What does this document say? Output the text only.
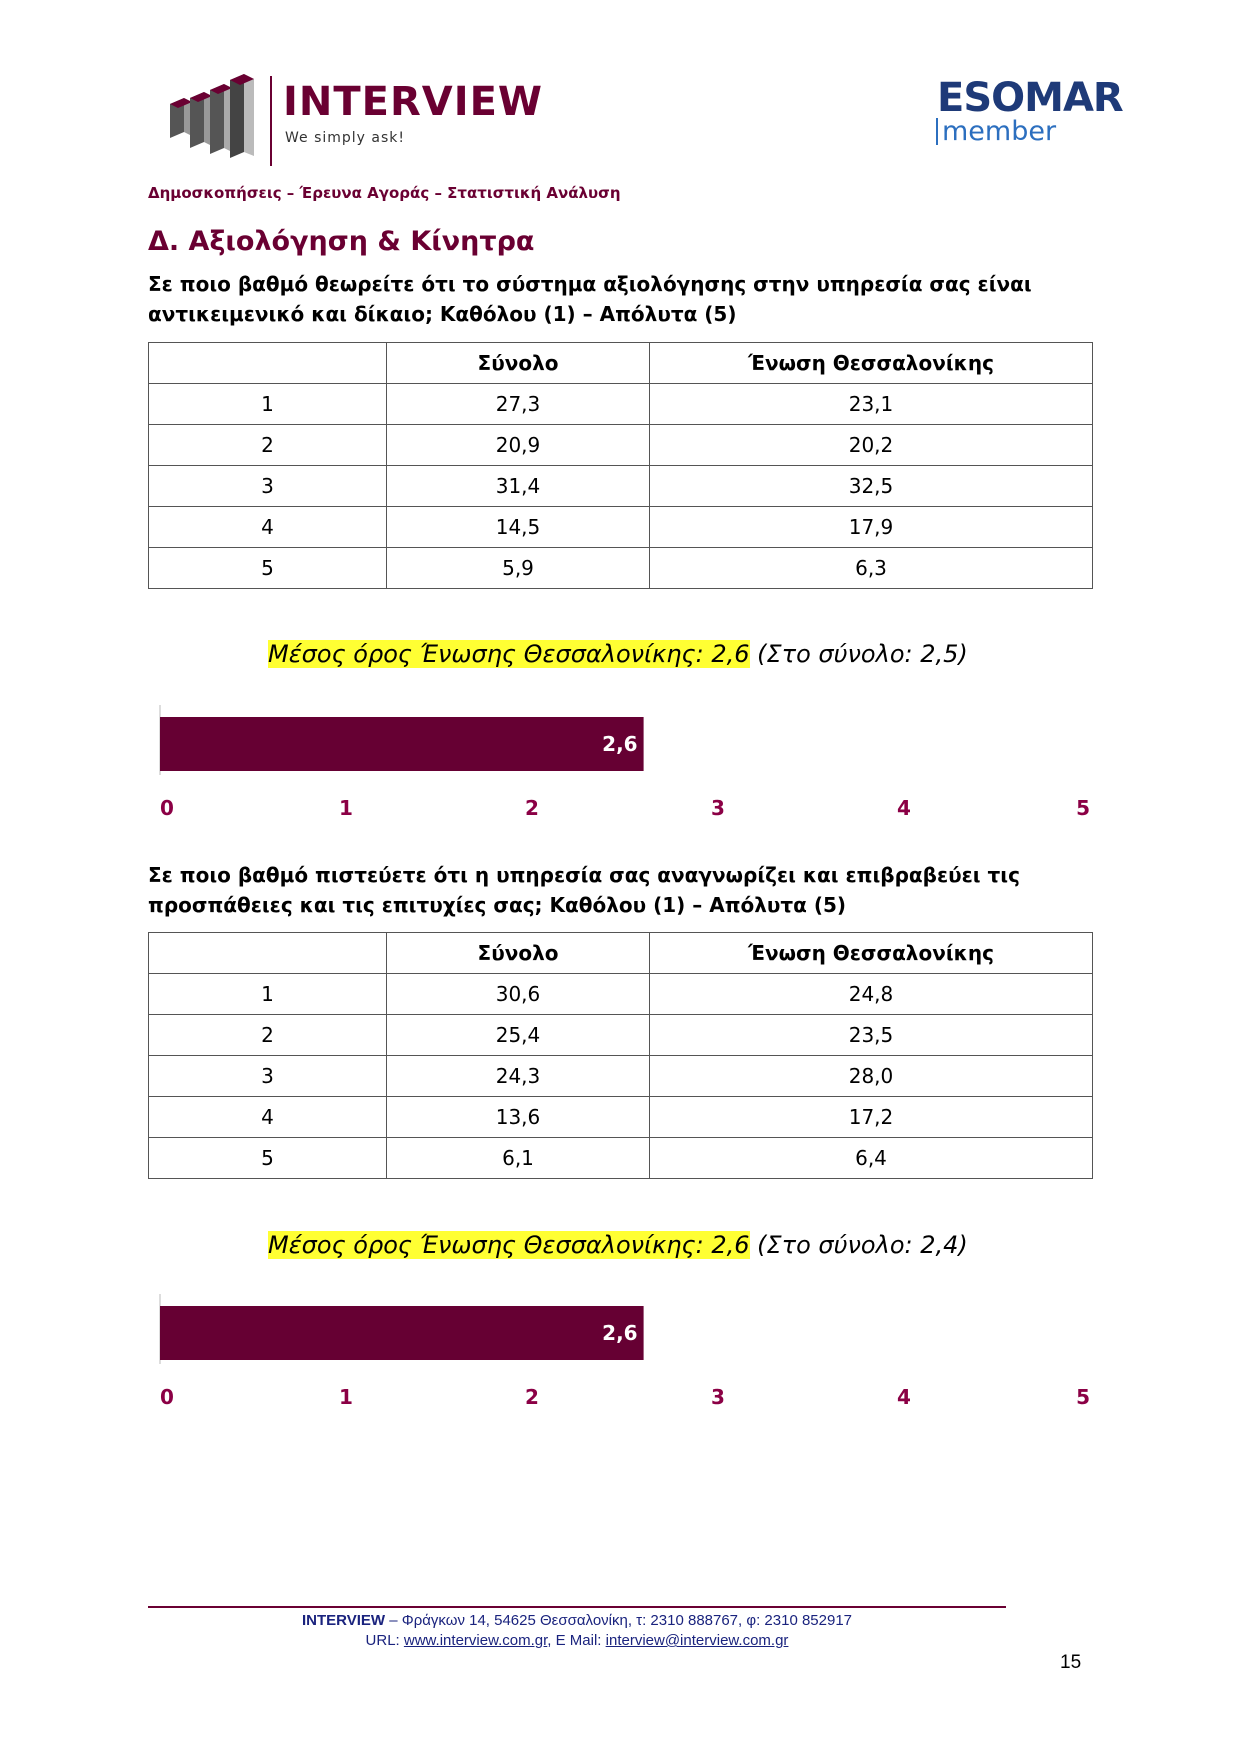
INTERVIEW
We simply ask!
ESOMAR
member
Δημοσκοπήσεις – Έρευνα Αγοράς – Στατιστική Ανάλυση
Δ. Αξιολόγηση & Κίνητρα
Σε ποιο βαθμό θεωρείτε ότι το σύστημα αξιολόγησης στην υπηρεσία σας είναι αντικειμενικό και δίκαιο; Καθόλου (1) – Απόλυτα (5)
	Σύνολο	Ένωση Θεσσαλονίκης
1	27,3	23,1
2	20,9	20,2
3	31,4	32,5
4	14,5	17,9
5	5,9	6,3
Μέσος όρος Ένωσης Θεσσαλονίκης: 2,6 (Στο σύνολο: 2,5)
2,6
0	1	2	3	4	5
Σε ποιο βαθμό πιστεύετε ότι η υπηρεσία σας αναγνωρίζει και επιβραβεύει τις προσπάθειες και τις επιτυχίες σας; Καθόλου (1) – Απόλυτα (5)
	Σύνολο	Ένωση Θεσσαλονίκης
1	30,6	24,8
2	25,4	23,5
3	24,3	28,0
4	13,6	17,2
5	6,1	6,4
Μέσος όρος Ένωσης Θεσσαλονίκης: 2,6 (Στο σύνολο: 2,4)
2,6
0	1	2	3	4	5
INTERVIEW – Φράγκων 14, 54625 Θεσσαλονίκη, τ: 2310 888767, φ: 2310 852917
URL: www.interview.com.gr, E Mail: interview@interview.com.gr
15
